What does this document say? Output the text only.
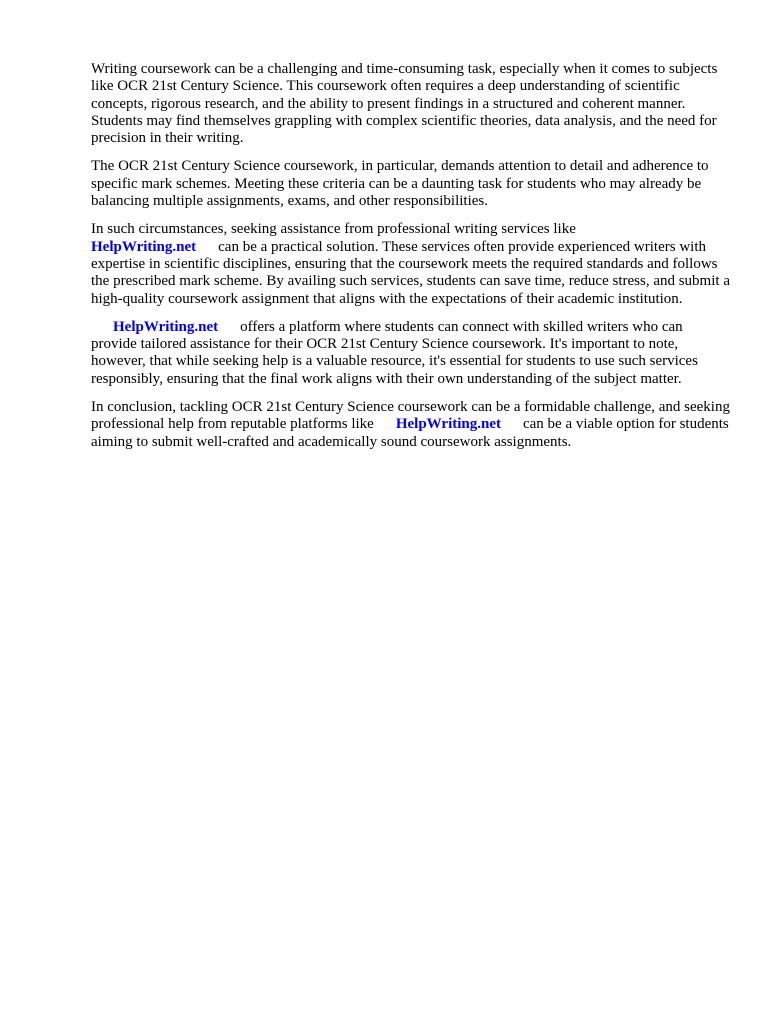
Writing coursework can be a challenging and time-consuming task, especially when it comes to subjects like OCR 21st Century Science. This coursework often requires a deep understanding of scientific concepts, rigorous research, and the ability to present findings in a structured and coherent manner. Students may find themselves grappling with complex scientific theories, data analysis, and the need for precision in their writing.

The OCR 21st Century Science coursework, in particular, demands attention to detail and adherence to specific mark schemes. Meeting these criteria can be a daunting task for students who may already be balancing multiple assignments, exams, and other responsibilities.

In such circumstances, seeking assistance from professional writing services like
HelpWriting.net can be a practical solution. These services often provide experienced writers with expertise in scientific disciplines, ensuring that the coursework meets the required standards and follows the prescribed mark scheme. By availing such services, students can save time, reduce stress, and submit a high-quality coursework assignment that aligns with the expectations of their academic institution.

HelpWriting.net offers a platform where students can connect with skilled writers who can provide tailored assistance for their OCR 21st Century Science coursework. It's important to note, however, that while seeking help is a valuable resource, it's essential for students to use such services responsibly, ensuring that the final work aligns with their own understanding of the subject matter.

In conclusion, tackling OCR 21st Century Science coursework can be a formidable challenge, and seeking professional help from reputable platforms like HelpWriting.net can be a viable option for students aiming to submit well-crafted and academically sound coursework assignments.
